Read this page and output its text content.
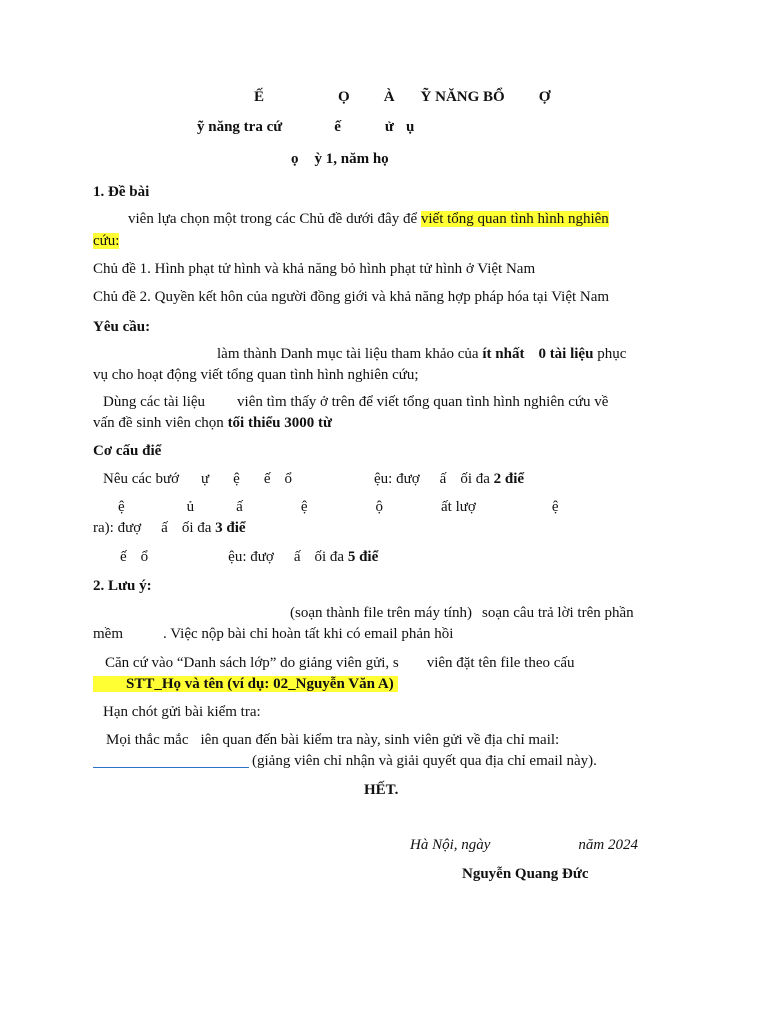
Ế	Ọ À Ỹ NĂNG BỔ Ợ
ỹ năng tra cứ	ế	ử ụ
ọ ỳ 1, năm họ
1. Đề bài
viên lựa chọn một trong các Chủ đề dưới đây để viết tổng quan tình hình nghiên
cứu:
Chủ đề 1. Hình phạt tử hình và khả năng bỏ hình phạt tử hình ở Việt Nam
Chủ đề 2. Quyền kết hôn của người đồng giới và khả năng hợp pháp hóa tại Việt Nam
Yêu cầu:
làm thành Danh mục tài liệu tham khảo của ít nhất 0 tài liệu phục
vụ cho hoạt động viết tổng quan tình hình nghiên cứu;
Dùng các tài liệu viên tìm thấy ở trên để viết tổng quan tình hình nghiên cứu về
vấn đề sinh viên chọn tối thiểu 3000 từ
Cơ cấu điể
Nêu các bướ ự ệ ế ổ	ệu: đượ ấ ối đa 2 điể
ệ	ủ	ấ	ệ	ộ	ất lượ	ệ
ra): đượ ấ ối đa 3 điể
ế ổ	ệu: đượ ấ ối đa 5 điể
2. Lưu ý:
(soạn thành file trên máy tính) soạn câu trả lời trên phần
mềm	. Việc nộp bài chỉ hoàn tất khi có email phản hồi
Căn cứ vào “Danh sách lớp” do giảng viên gửi, s viên đặt tên file theo cấu
STT_Họ và tên (ví dụ: 02_Nguyễn Văn A)
Hạn chót gửi bài kiểm tra:
Mọi thắc mắc iên quan đến bài kiểm tra này, sinh viên gửi về địa chỉ mail:
(giảng viên chỉ nhận và giải quyết qua địa chỉ email này).
HẾT.
Hà Nội, ngày	năm 2024
Nguyễn Quang Đức
